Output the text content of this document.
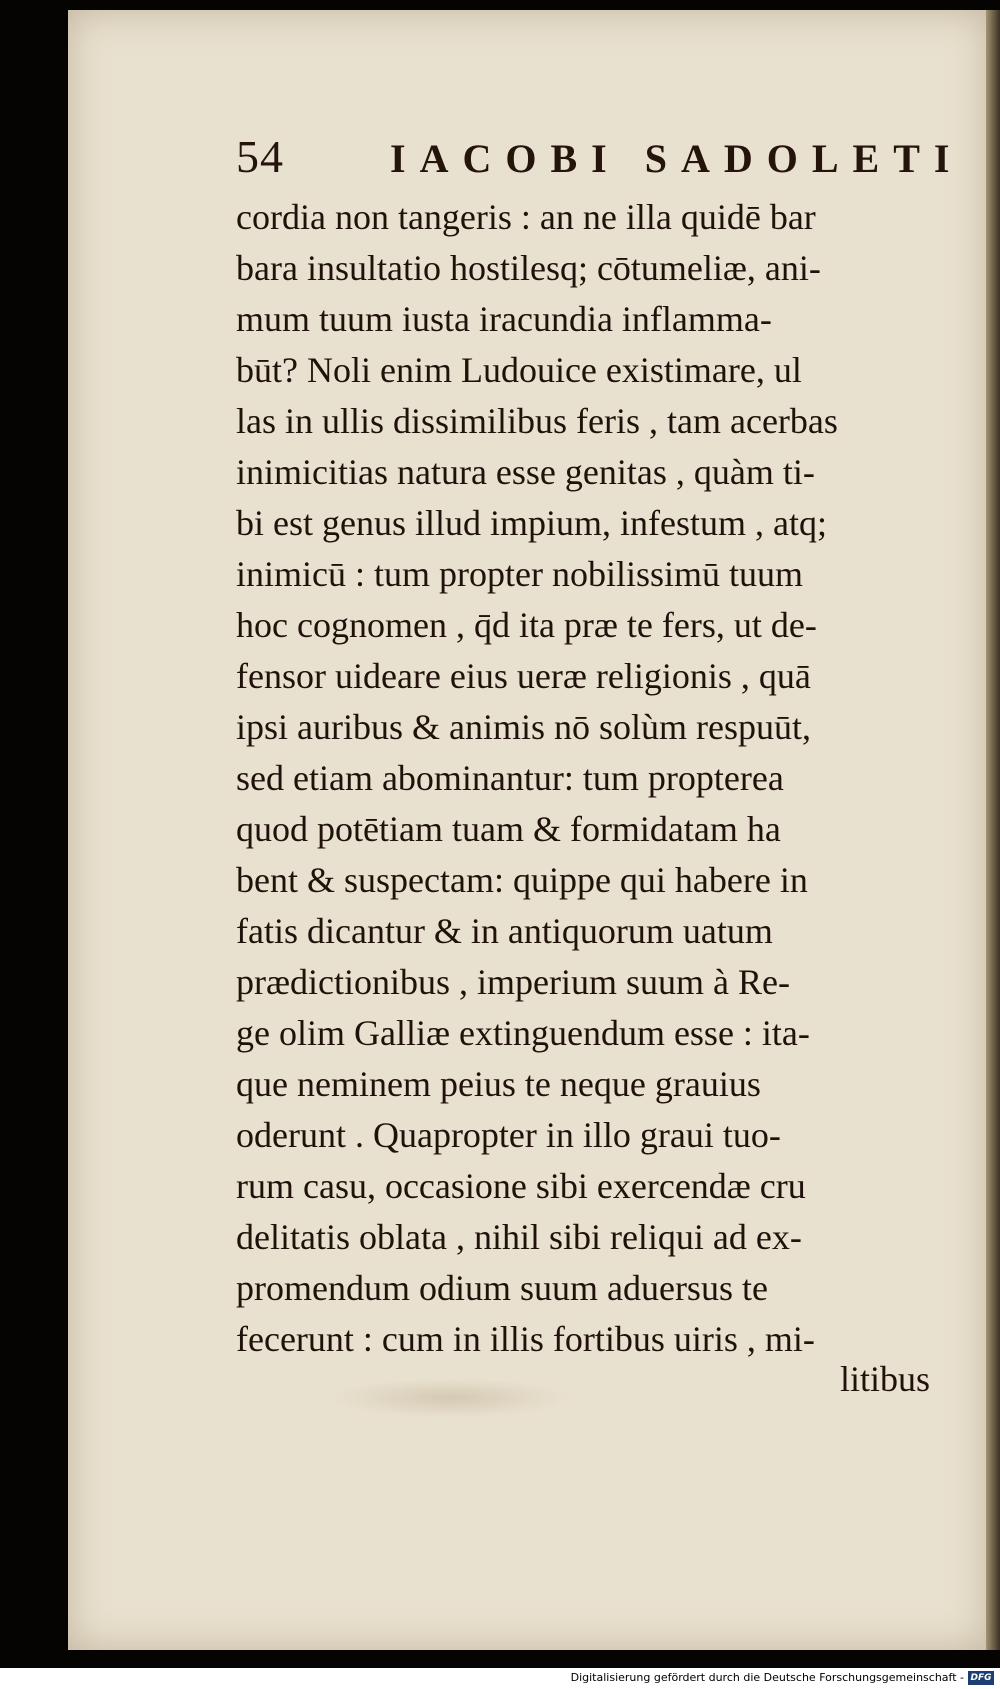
54	IACOBI SADOLETI
cordia non tangeris : an ne illa quidē bar
bara insultatio hostilesq; cōtumeliæ, ani-
mum tuum iusta iracundia inflamma-
būt? Noli enim Ludouice existimare, ul
las in ullis dissimilibus feris , tam acerbas
inimicitias natura esse genitas , quàm ti-
bi est genus illud impium, infestum , atq;
inimicū : tum propter nobilissimū tuum
hoc cognomen , q̄d ita præ te fers, ut de-
fensor uideare eius ueræ religionis , quā
ipsi auribus & animis nō solùm respuūt,
sed etiam abominantur: tum propterea
quod potētiam tuam & formidatam ha
bent & suspectam: quippe qui habere in
fatis dicantur & in antiquorum uatum
prædictionibus , imperium suum à Re-
ge olim Galliæ extinguendum esse : ita-
que neminem peius te neque grauius
oderunt . Quapropter in illo graui tuo-
rum casu, occasione sibi exercendæ cru
delitatis oblata , nihil sibi reliqui ad ex-
promendum odium suum aduersus te
fecerunt : cum in illis fortibus uiris , mi-
litibus
Digitalisierung gefördert durch die Deutsche Forschungsgemeinschaft - DFG
